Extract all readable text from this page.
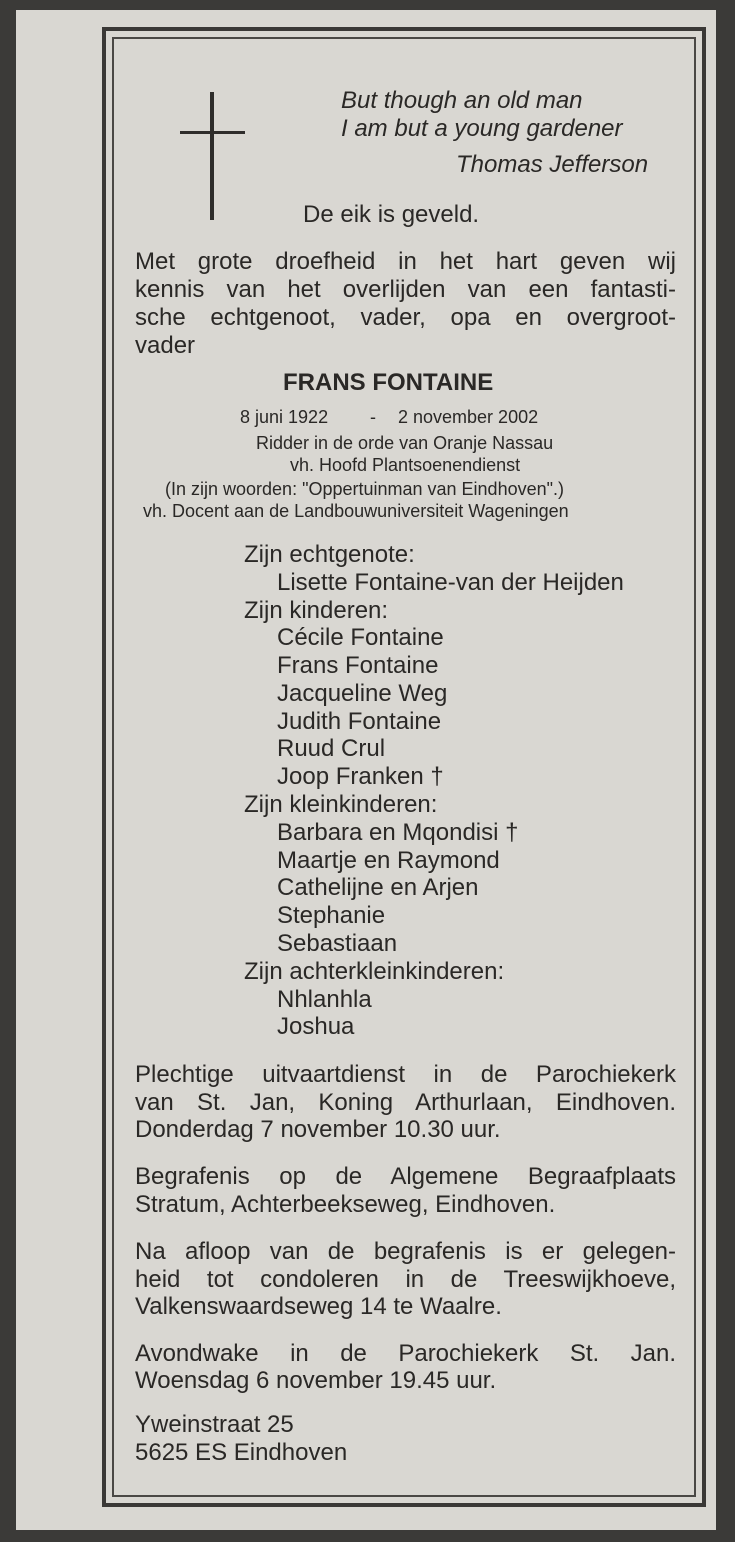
But though an old man
I am but a young gardener
Thomas Jefferson
De eik is geveld.
Met grote droefheid in het hart geven wij
kennis van het overlijden van een fantasti-
sche echtgenoot, vader, opa en overgroot-
vader
FRANS FONTAINE
8 juni 1922 - 2 november 2002
Ridder in de orde van Oranje Nassau
vh. Hoofd Plantsoenendienst
(In zijn woorden: "Oppertuinman van Eindhoven".)
vh. Docent aan de Landbouwuniversiteit Wageningen
Zijn echtgenote:
Lisette Fontaine-van der Heijden
Zijn kinderen:
Cécile Fontaine
Frans Fontaine
Jacqueline Weg
Judith Fontaine
Ruud Crul
Joop Franken †
Zijn kleinkinderen:
Barbara en Mqondisi †
Maartje en Raymond
Cathelijne en Arjen
Stephanie
Sebastiaan
Zijn achterkleinkinderen:
Nhlanhla
Joshua
Plechtige uitvaartdienst in de Parochiekerk
van St. Jan, Koning Arthurlaan, Eindhoven.
Donderdag 7 november 10.30 uur.
Begrafenis op de Algemene Begraafplaats
Stratum, Achterbeekseweg, Eindhoven.
Na afloop van de begrafenis is er gelegen-
heid tot condoleren in de Treeswijkhoeve,
Valkenswaardseweg 14 te Waalre.
Avondwake in de Parochiekerk St. Jan.
Woensdag 6 november 19.45 uur.
Yweinstraat 25
5625 ES Eindhoven
